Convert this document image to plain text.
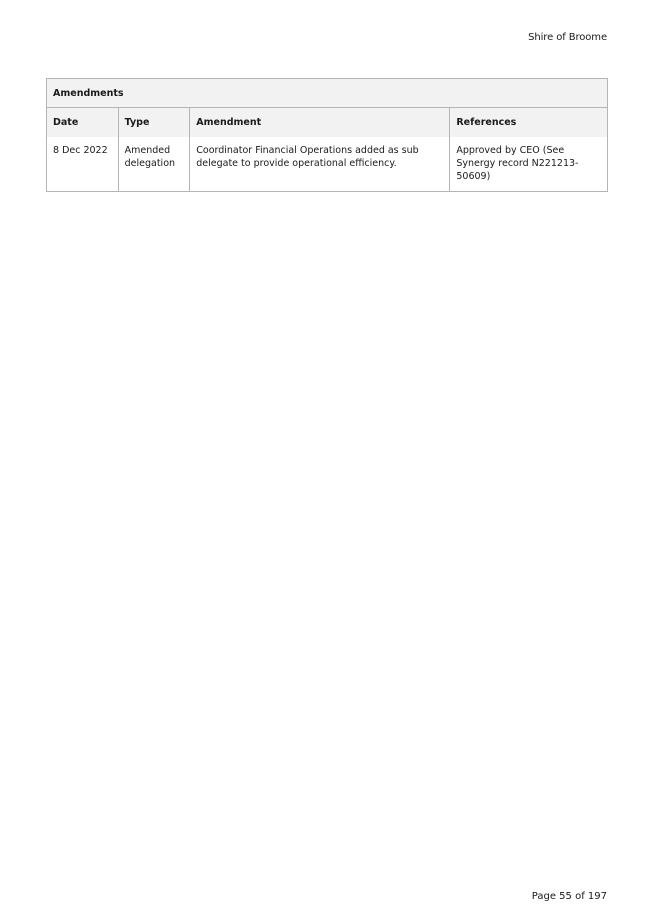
Shire of Broome
Amendments			
Date	Type	Amendment	References
8 Dec 2022	Amended delegation	Coordinator Financial Operations added as sub delegate to provide operational efficiency.	Approved by CEO (See Synergy record N221213-50609)
Page 55 of 197
